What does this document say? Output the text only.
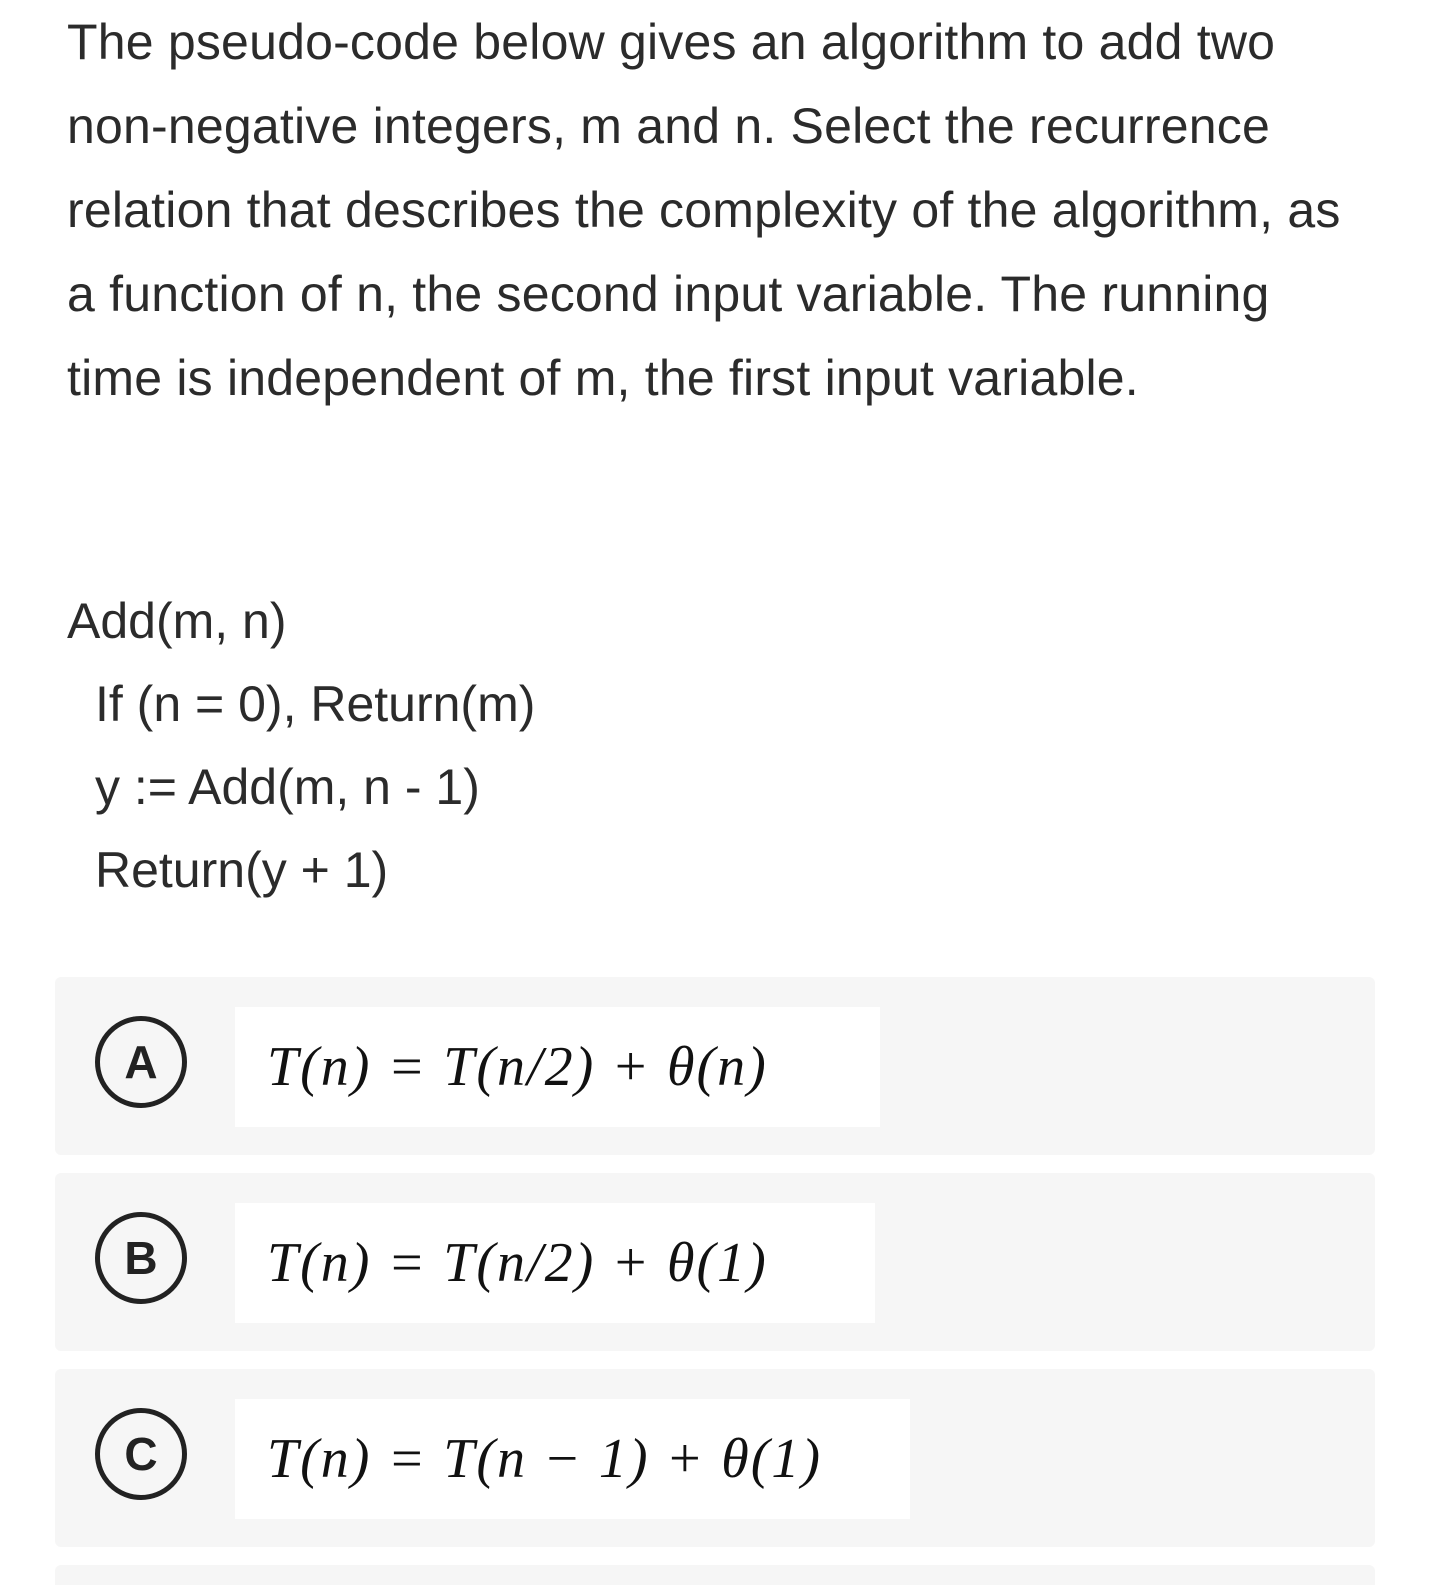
The pseudo-code below gives an algorithm to add two non-negative integers, m and n. Select the recurrence relation that describes the complexity of the algorithm, as a function of n, the second input variable. The running time is independent of m, the first input variable.

Add(m, n)
If (n = 0), Return(m)
y := Add(m, n - 1)
Return(y + 1)
A	T(n) = T(n/2) + θ(n)
B	T(n) = T(n/2) + θ(1)
C	T(n) = T(n − 1) + θ(1)
